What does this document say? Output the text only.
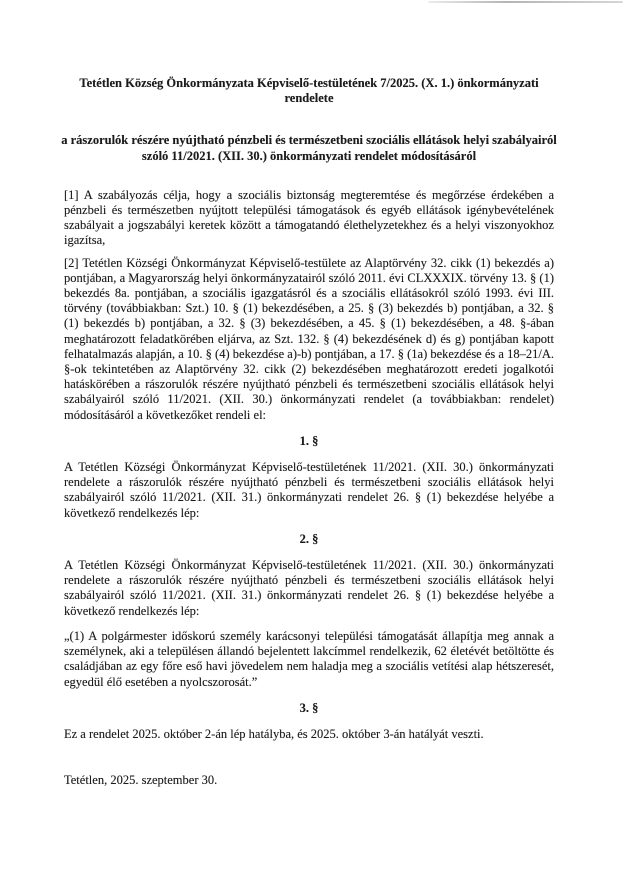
Tetétlen Község Önkormányzata Képviselő-testületének 7/2025. (X. 1.) önkormányzati rendelete

a rászorulók részére nyújtható pénzbeli és természetbeni szociális ellátások helyi szabályairól szóló 11/2021. (XII. 30.) önkormányzati rendelet módosításáról

[1] A szabályozás célja, hogy a szociális biztonság megteremtése és megőrzése érdekében a pénzbeli és természetben nyújtott települési támogatások és egyéb ellátások igénybevételének szabályait a jogszabályi keretek között a támogatandó élethelyzetekhez és a helyi viszonyokhoz igazítsa,

[2] Tetétlen Községi Önkormányzat Képviselő-testülete az Alaptörvény 32. cikk (1) bekezdés a) pontjában, a Magyarország helyi önkormányzatairól szóló 2011. évi CLXXXIX. törvény 13. § (1) bekezdés 8a. pontjában, a szociális igazgatásról és a szociális ellátásokról szóló 1993. évi III. törvény (továbbiakban: Szt.) 10. § (1) bekezdésében, a 25. § (3) bekezdés b) pontjában, a 32. § (1) bekezdés b) pontjában, a 32. § (3) bekezdésében, a 45. § (1) bekezdésében, a 48. §-ában meghatározott feladatkörében eljárva, az Szt. 132. § (4) bekezdésének d) és g) pontjában kapott felhatalmazás alapján, a 10. § (4) bekezdése a)-b) pontjában, a 17. § (1a) bekezdése és a 18–21/A. §-ok tekintetében az Alaptörvény 32. cikk (2) bekezdésében meghatározott eredeti jogalkotói hatáskörében a rászorulók részére nyújtható pénzbeli és természetbeni szociális ellátások helyi szabályairól szóló 11/2021. (XII. 30.) önkormányzati rendelet (a továbbiakban: rendelet) módosításáról a következőket rendeli el:

1. §

A Tetétlen Községi Önkormányzat Képviselő-testületének 11/2021. (XII. 30.) önkormányzati rendelete a rászorulók részére nyújtható pénzbeli és természetbeni szociális ellátások helyi szabályairól szóló 11/2021. (XII. 31.) önkormányzati rendelet 26. § (1) bekezdése helyébe a következő rendelkezés lép:

2. §

A Tetétlen Községi Önkormányzat Képviselő-testületének 11/2021. (XII. 30.) önkormányzati rendelete a rászorulók részére nyújtható pénzbeli és természetbeni szociális ellátások helyi szabályairól szóló 11/2021. (XII. 31.) önkormányzati rendelet 26. § (1) bekezdése helyébe a következő rendelkezés lép:

„(1) A polgármester időskorú személy karácsonyi települési támogatását állapítja meg annak a személynek, aki a településen állandó bejelentett lakcímmel rendelkezik, 62 életévét betöltötte és családjában az egy főre eső havi jövedelem nem haladja meg a szociális vetítési alap hétszeresét, egyedül élő esetében a nyolcszorosát.”

3. §

Ez a rendelet 2025. október 2-án lép hatályba, és 2025. október 3-án hatályát veszti.

Tetétlen, 2025. szeptember 30.
